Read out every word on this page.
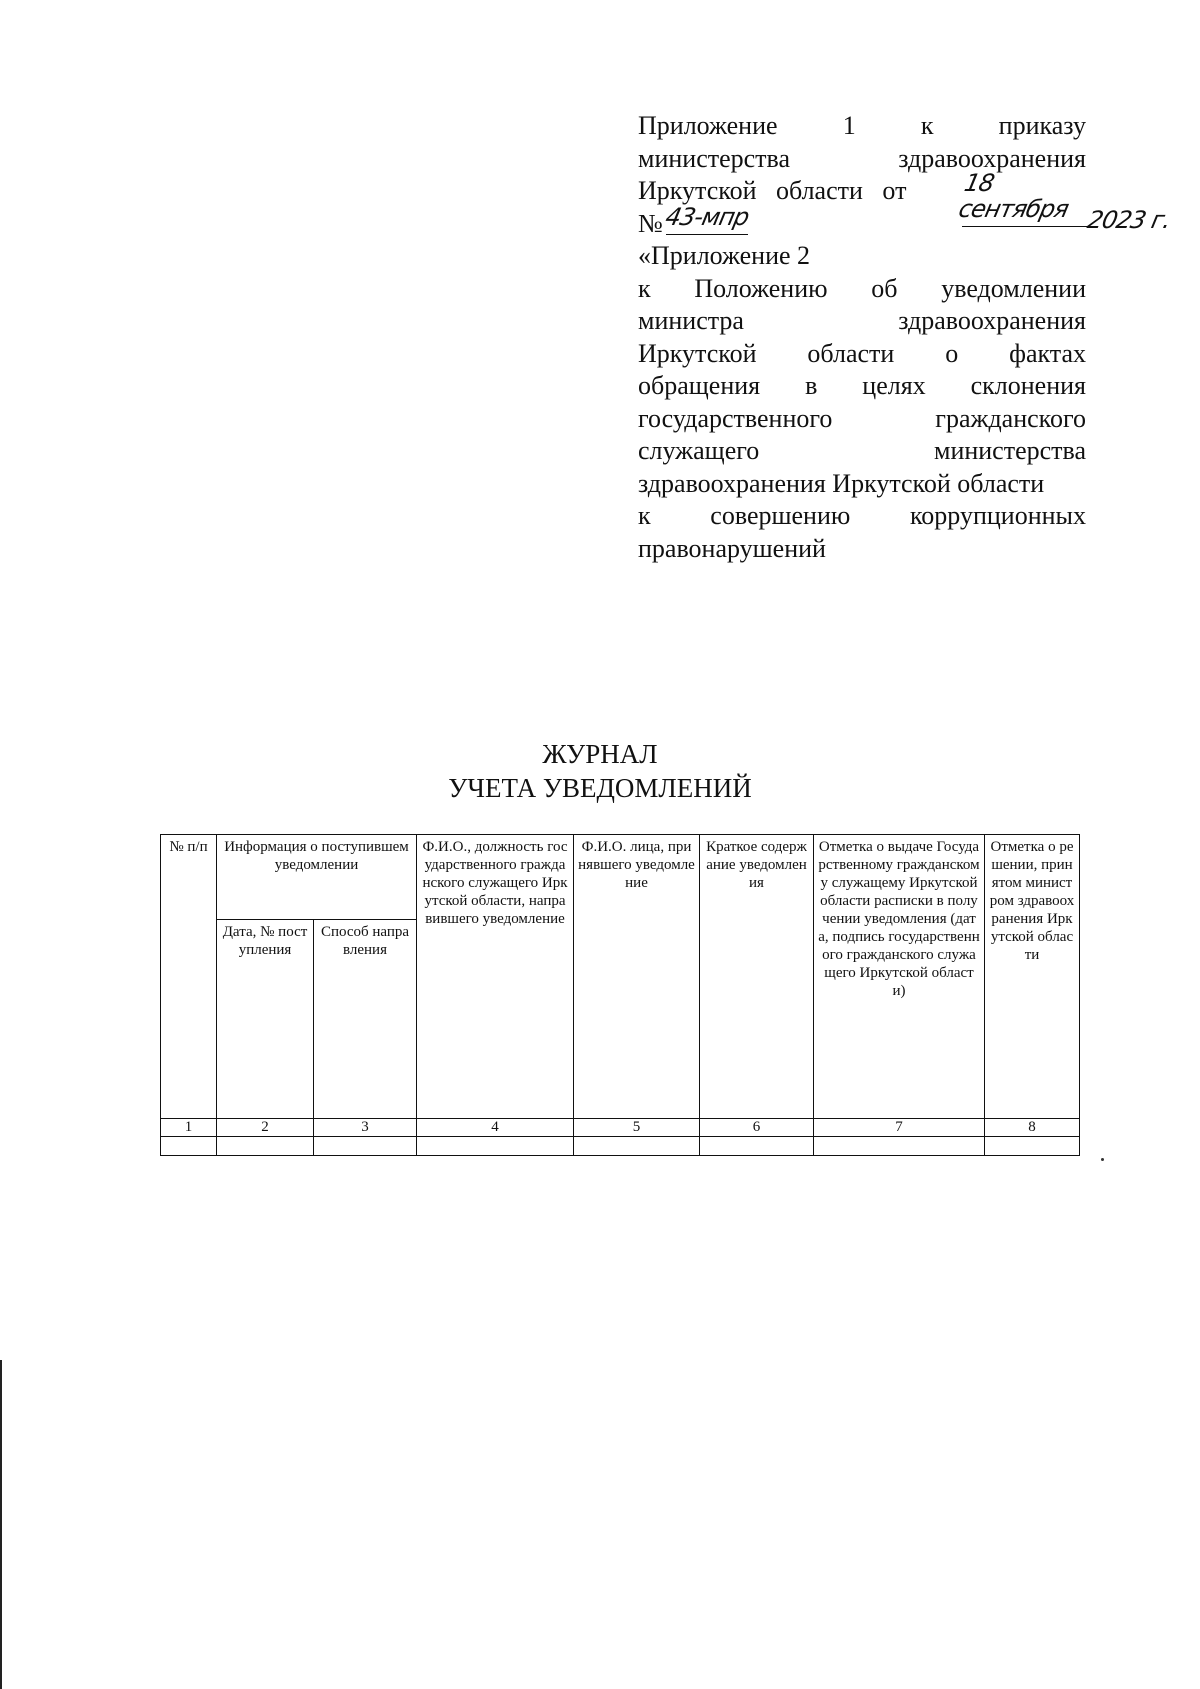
Приложение	1	к	приказу
министерства	здравоохранения
Иркутской области от
№
«Приложение 2
к Положению об уведомлении
министра	здравоохранения
Иркутской области о фактах
обращения в целях склонения
государственного	гражданского
служащего	министерства
здравоохранения Иркутской области
к совершению коррупционных
правонарушений
18 сентября 2023 г.
43-мпр
ЖУРНАЛ
УЧЕТА УВЕДОМЛЕНИЙ
№ п/п	Информация о поступившем уведомлении		Ф.И.О., должность государственного гражданского служащего Иркутской области, направившего уведомление	Ф.И.О. лица, принявшего уведомление	Краткое содержание уведомления	Отметка о выдаче Государственному гражданскому служащему Иркутской области расписки в получении уведомления (дата, подпись государственного гражданского служащего Иркутской области)	Отметка о решении, принятом министром здравоохранения Иркутской области
	Дата, № поступления	Способ направления					
1	2	3	4	5	6	7	8
